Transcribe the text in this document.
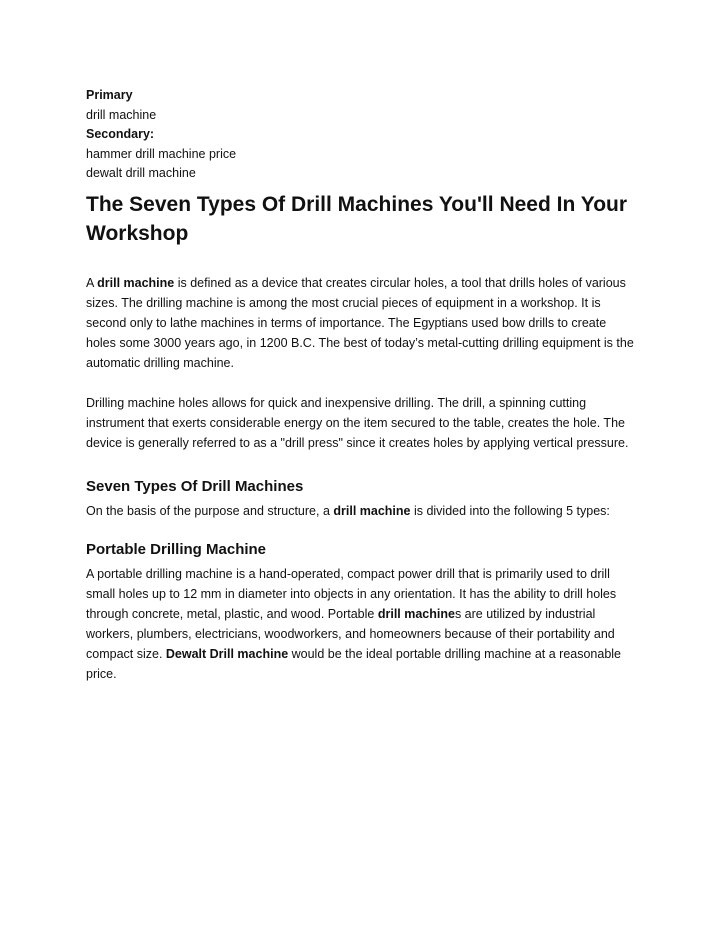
Primary
drill machine
Secondary:
hammer drill machine price
dewalt drill machine
The Seven Types Of Drill Machines You'll Need In Your Workshop

A drill machine is defined as a device that creates circular holes, a tool that drills holes of various sizes. The drilling machine is among the most crucial pieces of equipment in a workshop. It is second only to lathe machines in terms of importance. The Egyptians used bow drills to create holes some 3000 years ago, in 1200 B.C. The best of today’s metal-cutting drilling equipment is the automatic drilling machine.

Drilling machine holes allows for quick and inexpensive drilling. The drill, a spinning cutting instrument that exerts considerable energy on the item secured to the table, creates the hole. The device is generally referred to as a "drill press" since it creates holes by applying vertical pressure.

Seven Types Of Drill Machines

On the basis of the purpose and structure, a drill machine is divided into the following 5 types:

Portable Drilling Machine

A portable drilling machine is a hand-operated, compact power drill that is primarily used to drill small holes up to 12 mm in diameter into objects in any orientation. It has the ability to drill holes through concrete, metal, plastic, and wood. Portable drill machines are utilized by industrial workers, plumbers, electricians, woodworkers, and homeowners because of their portability and compact size. Dewalt Drill machine would be the ideal portable drilling machine at a reasonable price.
